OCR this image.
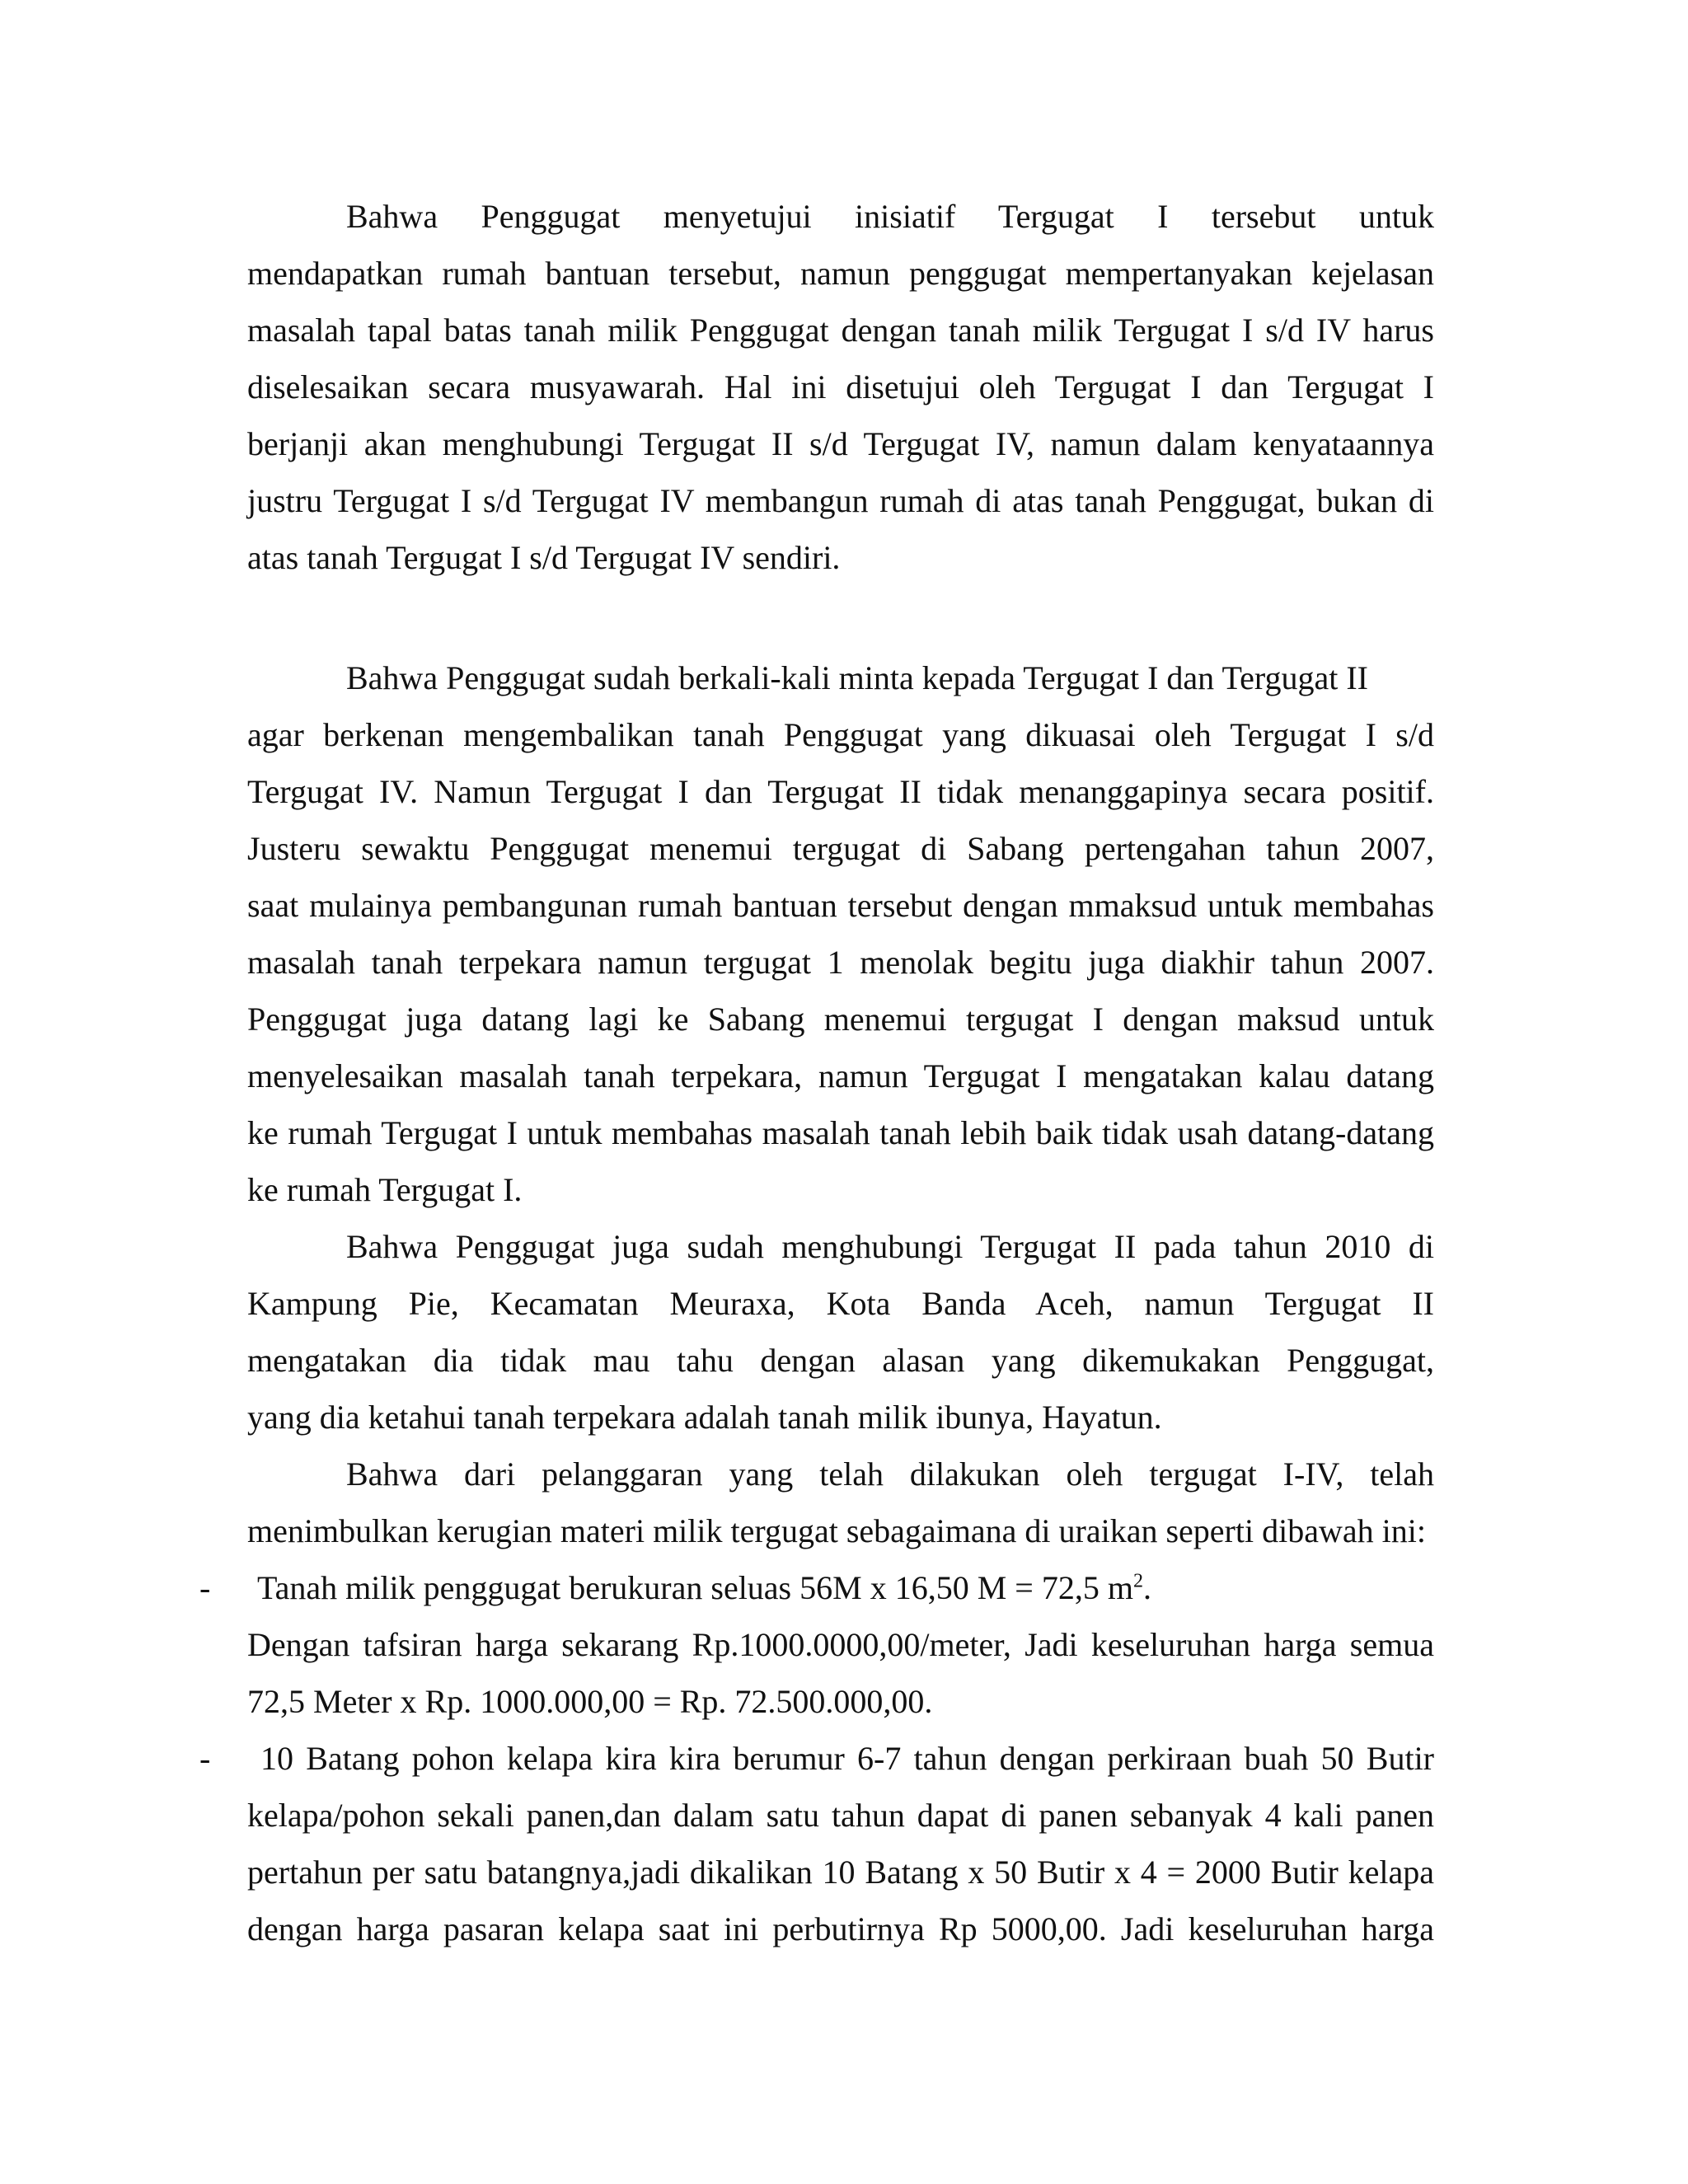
Bahwa Penggugat menyetujui inisiatif Tergugat I tersebut untuk
mendapatkan rumah bantuan tersebut, namun penggugat mempertanyakan kejelasan
masalah tapal batas tanah milik Penggugat dengan tanah milik Tergugat I s/d IV harus
diselesaikan secara musyawarah. Hal ini disetujui oleh Tergugat I dan Tergugat I
berjanji akan menghubungi Tergugat II s/d Tergugat IV, namun dalam kenyataannya
justru Tergugat I s/d Tergugat IV membangun rumah di atas tanah Penggugat, bukan di
atas tanah Tergugat I s/d Tergugat IV sendiri.
Bahwa Penggugat sudah berkali-kali minta kepada Tergugat I dan Tergugat II
agar berkenan mengembalikan tanah Penggugat yang dikuasai oleh Tergugat I s/d
Tergugat IV. Namun Tergugat I dan Tergugat II tidak menanggapinya secara positif.
Justeru sewaktu Penggugat menemui tergugat di Sabang pertengahan tahun 2007,
saat mulainya pembangunan rumah bantuan tersebut dengan mmaksud untuk membahas
masalah tanah terpekara namun tergugat 1 menolak begitu juga diakhir tahun 2007.
Penggugat juga datang lagi ke Sabang menemui tergugat I dengan maksud untuk
menyelesaikan masalah tanah terpekara, namun Tergugat I mengatakan kalau datang
ke rumah Tergugat I untuk membahas masalah tanah lebih baik tidak usah datang-datang
ke rumah Tergugat I.
Bahwa Penggugat juga sudah menghubungi Tergugat II pada tahun 2010 di
Kampung Pie, Kecamatan Meuraxa, Kota Banda Aceh, namun Tergugat II
mengatakan dia tidak mau tahu dengan alasan yang dikemukakan Penggugat,
yang dia ketahui tanah terpekara adalah tanah milik ibunya, Hayatun.
Bahwa dari pelanggaran yang telah dilakukan oleh tergugat I-IV, telah
menimbulkan kerugian materi milik tergugat sebagaimana di uraikan seperti dibawah ini:
-	Tanah milik penggugat berukuran seluas 56M x 16,50 M = 72,5 $m^2$.
Dengan tafsiran harga sekarang Rp.1000.0000,00/meter, Jadi keseluruhan harga semua
72,5 Meter x Rp. 1000.000,00 = Rp. 72.500.000,00.
-	10 Batang pohon kelapa kira kira berumur 6-7 tahun dengan perkiraan buah 50 Butir
kelapa/pohon sekali panen,dan dalam satu tahun dapat di panen sebanyak 4 kali panen
pertahun per satu batangnya,jadi dikalikan 10 Batang x 50 Butir x 4 = 2000 Butir kelapa
dengan harga pasaran kelapa saat ini perbutirnya Rp 5000,00. Jadi keseluruhan harga
